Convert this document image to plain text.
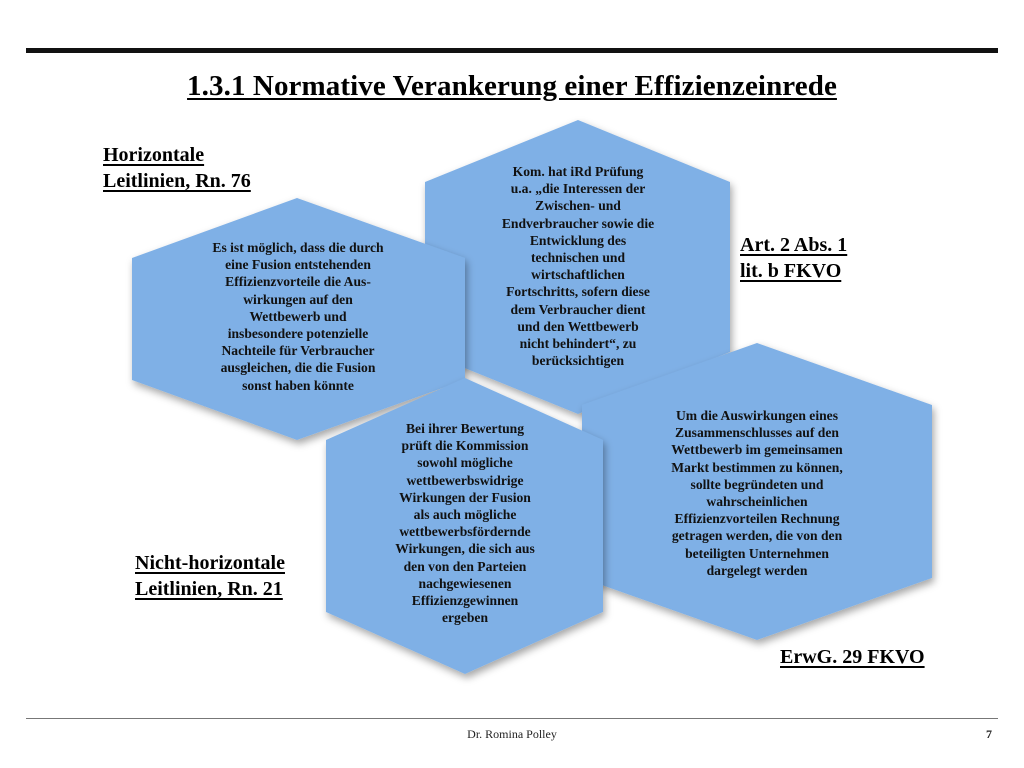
1.3.1 Normative Verankerung einer Effizienzeinrede
Es ist möglich, dass die durch
eine Fusion entstehenden
Effizienzvorteile die Aus-
wirkungen auf den
Wettbewerb und
insbesondere potenzielle
Nachteile für Verbraucher
ausgleichen, die die Fusion
sonst haben könnte
Kom. hat iRd Prüfung
u.a. „die Interessen der
Zwischen- und
Endverbraucher sowie die
Entwicklung des
technischen und
wirtschaftlichen
Fortschritts, sofern diese
dem Verbraucher dient
und den Wettbewerb
nicht behindert“, zu
berücksichtigen
Bei ihrer Bewertung
prüft die Kommission
sowohl mögliche
wettbewerbswidrige
Wirkungen der Fusion
als auch mögliche
wettbewerbsfördernde
Wirkungen, die sich aus
den von den Parteien
nachgewiesenen
Effizienzgewinnen
ergeben
Um die Auswirkungen eines
Zusammenschlusses auf den
Wettbewerb im gemeinsamen
Markt bestimmen zu können,
sollte begründeten und
wahrscheinlichen
Effizienzvorteilen Rechnung
getragen werden, die von den
beteiligten Unternehmen
dargelegt werden
Horizontale
Leitlinien, Rn. 76
Art. 2 Abs. 1
lit. b FKVO
Nicht-horizontale
Leitlinien, Rn. 21
ErwG. 29 FKVO
Dr. Romina Polley	7
